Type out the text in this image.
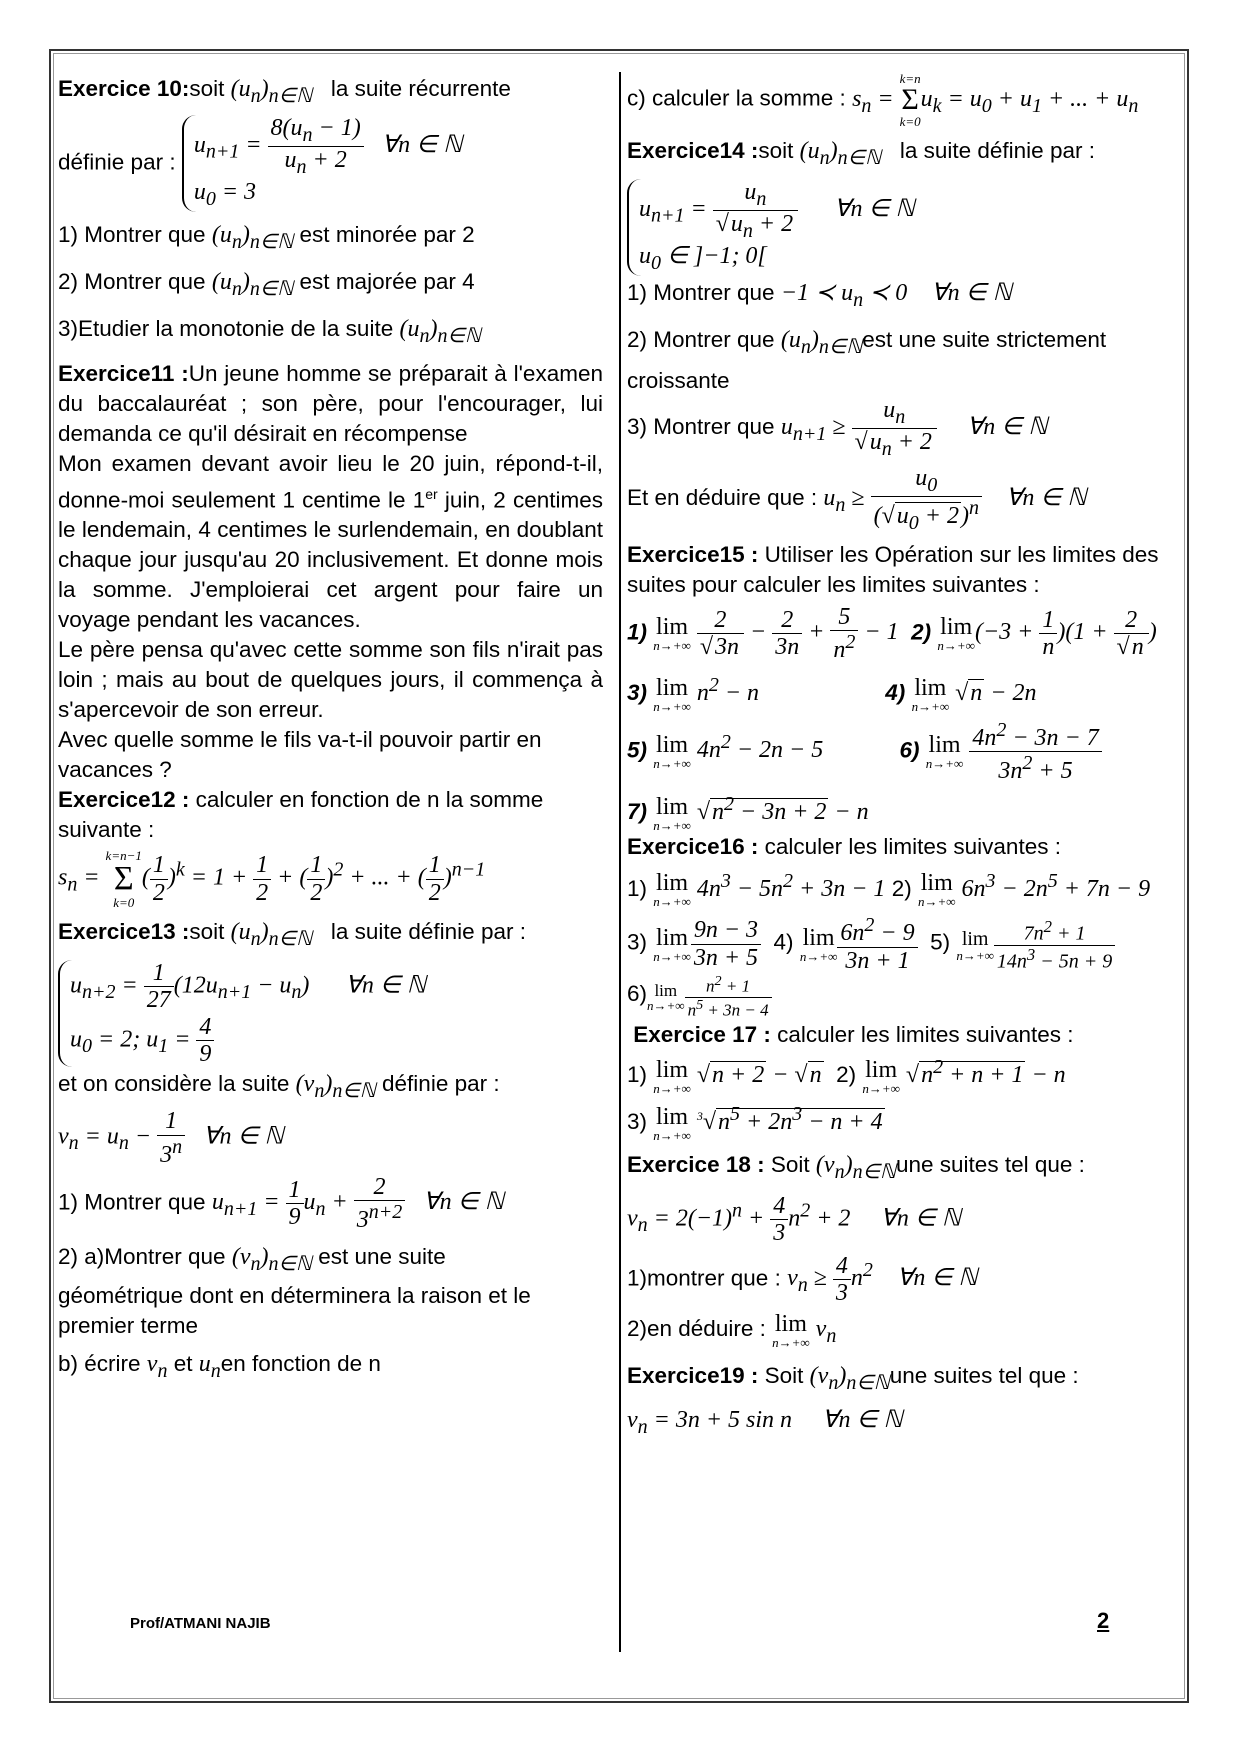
Exercice 10:soit $(u_n)_{n\in ℕ}$ la suite récurrente

définie par :
$u_{n+1} = \frac{8(u_n - 1)}{u_n + 2}$ ∀n ∈ ℕ
$u_0 = 3$

1) Montrer que $(u_n)_{n\in ℕ}$ est minorée par 2

2) Montrer que $(u_n)_{n\in ℕ}$ est majorée par 4

3)Etudier la monotonie de la suite $(u_n)_{n\in ℕ}$

Exercice11 :Un jeune homme se préparait à l'examen du baccalauréat ; son père, pour l'encourager, lui demanda ce qu'il désirait en récompense

Mon examen devant avoir lieu le 20 juin, répond-t-il, donne-moi seulement 1 centime le 1er juin, 2 centimes le lendemain, 4 centimes le surlendemain, en doublant chaque jour jusqu'au 20 inclusivement. Et donne mois la somme. J'emploierai cet argent pour faire un voyage pendant les vacances.

Le père pensa qu'avec cette somme son fils n'irait pas loin ; mais au bout de quelques jours, il commença à s'apercevoir de son erreur.

Avec quelle somme le fils va-t-il pouvoir partir en vacances ?

Exercice12 : calculer en fonction de n la somme suivante :

$s_n$ =
k=n−1
Σ
k=0
( $\frac{1}{2} )^k = 1 + \frac{1}{2}$ + ( $\frac{1}{2} )^2$ + ... + ( $\frac{1}{2} )^{n-1}$

Exercice13 :soit $(u_n)_{n\in ℕ}$ la suite définie par :

$u_{n+2} = \frac{1}{27} (12u_{n+1} - u_n)$      ∀n ∈ ℕ
$u_0 = 2$; $u_1 = \frac{4}{9}$

et on considère la suite $(v_n)_{n\in ℕ}$ définie par :

$v_n = u_n - \frac{1}{3^n}$ ∀n ∈ ℕ

1) Montrer que $u_{n+1} = \frac{1}{9} u_n + \frac{2}{3^{n+2}}$ ∀n ∈ ℕ

2) a)Montrer que $(v_n)_{n\in ℕ}$ est une suite

géométrique dont en déterminera la raison et le premier terme

b) écrire $v_n$ et $u_nen$ fonction de n

c) calculer la somme : $s_n$ =
k=n
Σ
k=0
$u_k = u_0 + u_1$ + ... + $u_n$

Exercice14 :soit $(u_n)_{n\in ℕ}$ la suite définie par :

$u_{n+1} = \frac{u_n}{√u_n + 2}$ ∀n ∈ ℕ
$u_0$ ∈ ]−1; 0[

1) Montrer que −1 ≺ $u_n$ ≺ 0    ∀n ∈ ℕ

2) Montrer que $(u_n)_{n\in ℕ}est$ une suite strictement

croissante

3) Montrer que $u_{n+1} \ge \frac{u_n}{√u_n + 2}$ ∀n ∈ ℕ

Et en déduire que : $u_n \ge \frac{u_0}{(√u_0 + 2)^n}$ ∀n ∈ ℕ

Exercice15 : Utiliser les Opération sur les limites des suites pour calculer les limites suivantes :

1) lim
n→+∞
$\frac{2}{√3n} - \frac{2}{3n} + \frac{5}{n^2} - 1$ 2) lim
n→+∞
$(-3 + \frac{1}{n} )(1 + \frac{2}{√n}$ )

3) lim
n→+∞
$n^2 - n$	4) lim
n→+∞
√n − 2n

5) lim
n→+∞
$4n^2 - 2n - 5$	6) lim
n→+∞
$\frac{4n^2 - 3n - 7}{3n^2 + 5}$

7) lim
n→+∞
$√n^2 - 3n + 2 - n$

Exercice16 : calculer les limites suivantes :

1) lim
n→+∞
$4n^3 - 5n^2 + 3n - 1$ 2) lim
n→+∞
$6n^3 - 2n^5 + 7n - 9$

3) lim
$n\to+\infty \frac{9n - 3}{3n + 5} 4$) lim
$n\to+\infty \frac{6n^2 - 9}{3n + 1} 5$) lim
$n\to+\infty \frac{7n^2 + 1}{14n^3 - 5n + 9}$

6) lim
$n\to+\infty \frac{n^2 + 1}{n^5 + 3n - 4}$

Exercice 17 : calculer les limites suivantes :

1) lim
n→+∞
√n + 2 − √n 2) lim
n→+∞
$√n^2 + n + 1 - n$

3) lim
n→+∞
$^3√n^5 + 2n^3 - n + 4$

Exercice 18 : Soit $(v_n)_{n\in ℕ}une$ suites tel que :

$v_n = 2(-1)^n + \frac{4}{3} n^2 + 2$     ∀n ∈ ℕ

1)montrer que : $v_n \ge \frac{4}{3} n^2$    ∀n ∈ ℕ

2)en déduire : lim
n→+∞
$v_n$

Exercice19 : Soit $(v_n)_{n\in ℕ}une$ suites tel que :

$v_n = 3n + 5$ sin n     ∀n ∈ ℕ

Prof/ATMANI NAJIB	2
